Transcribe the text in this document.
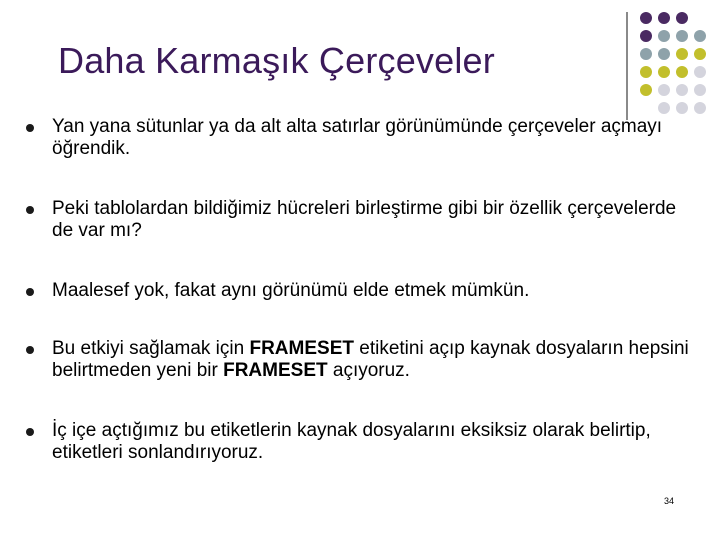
Daha Karmaşık Çerçeveler
Yan yana sütunlar ya da alt alta satırlar görünümünde çerçeveler açmayı öğrendik.
Peki tablolardan bildiğimiz hücreleri birleştirme gibi bir özellik çerçevelerde de var mı?
Maalesef yok, fakat aynı görünümü elde etmek mümkün.
Bu etkiyi sağlamak için FRAMESET etiketini açıp kaynak dosyaların hepsini belirtmeden yeni bir FRAMESET açıyoruz.
İç içe açtığımız bu etiketlerin kaynak dosyalarını eksiksiz olarak belirtip, etiketleri sonlandırıyoruz.
34
